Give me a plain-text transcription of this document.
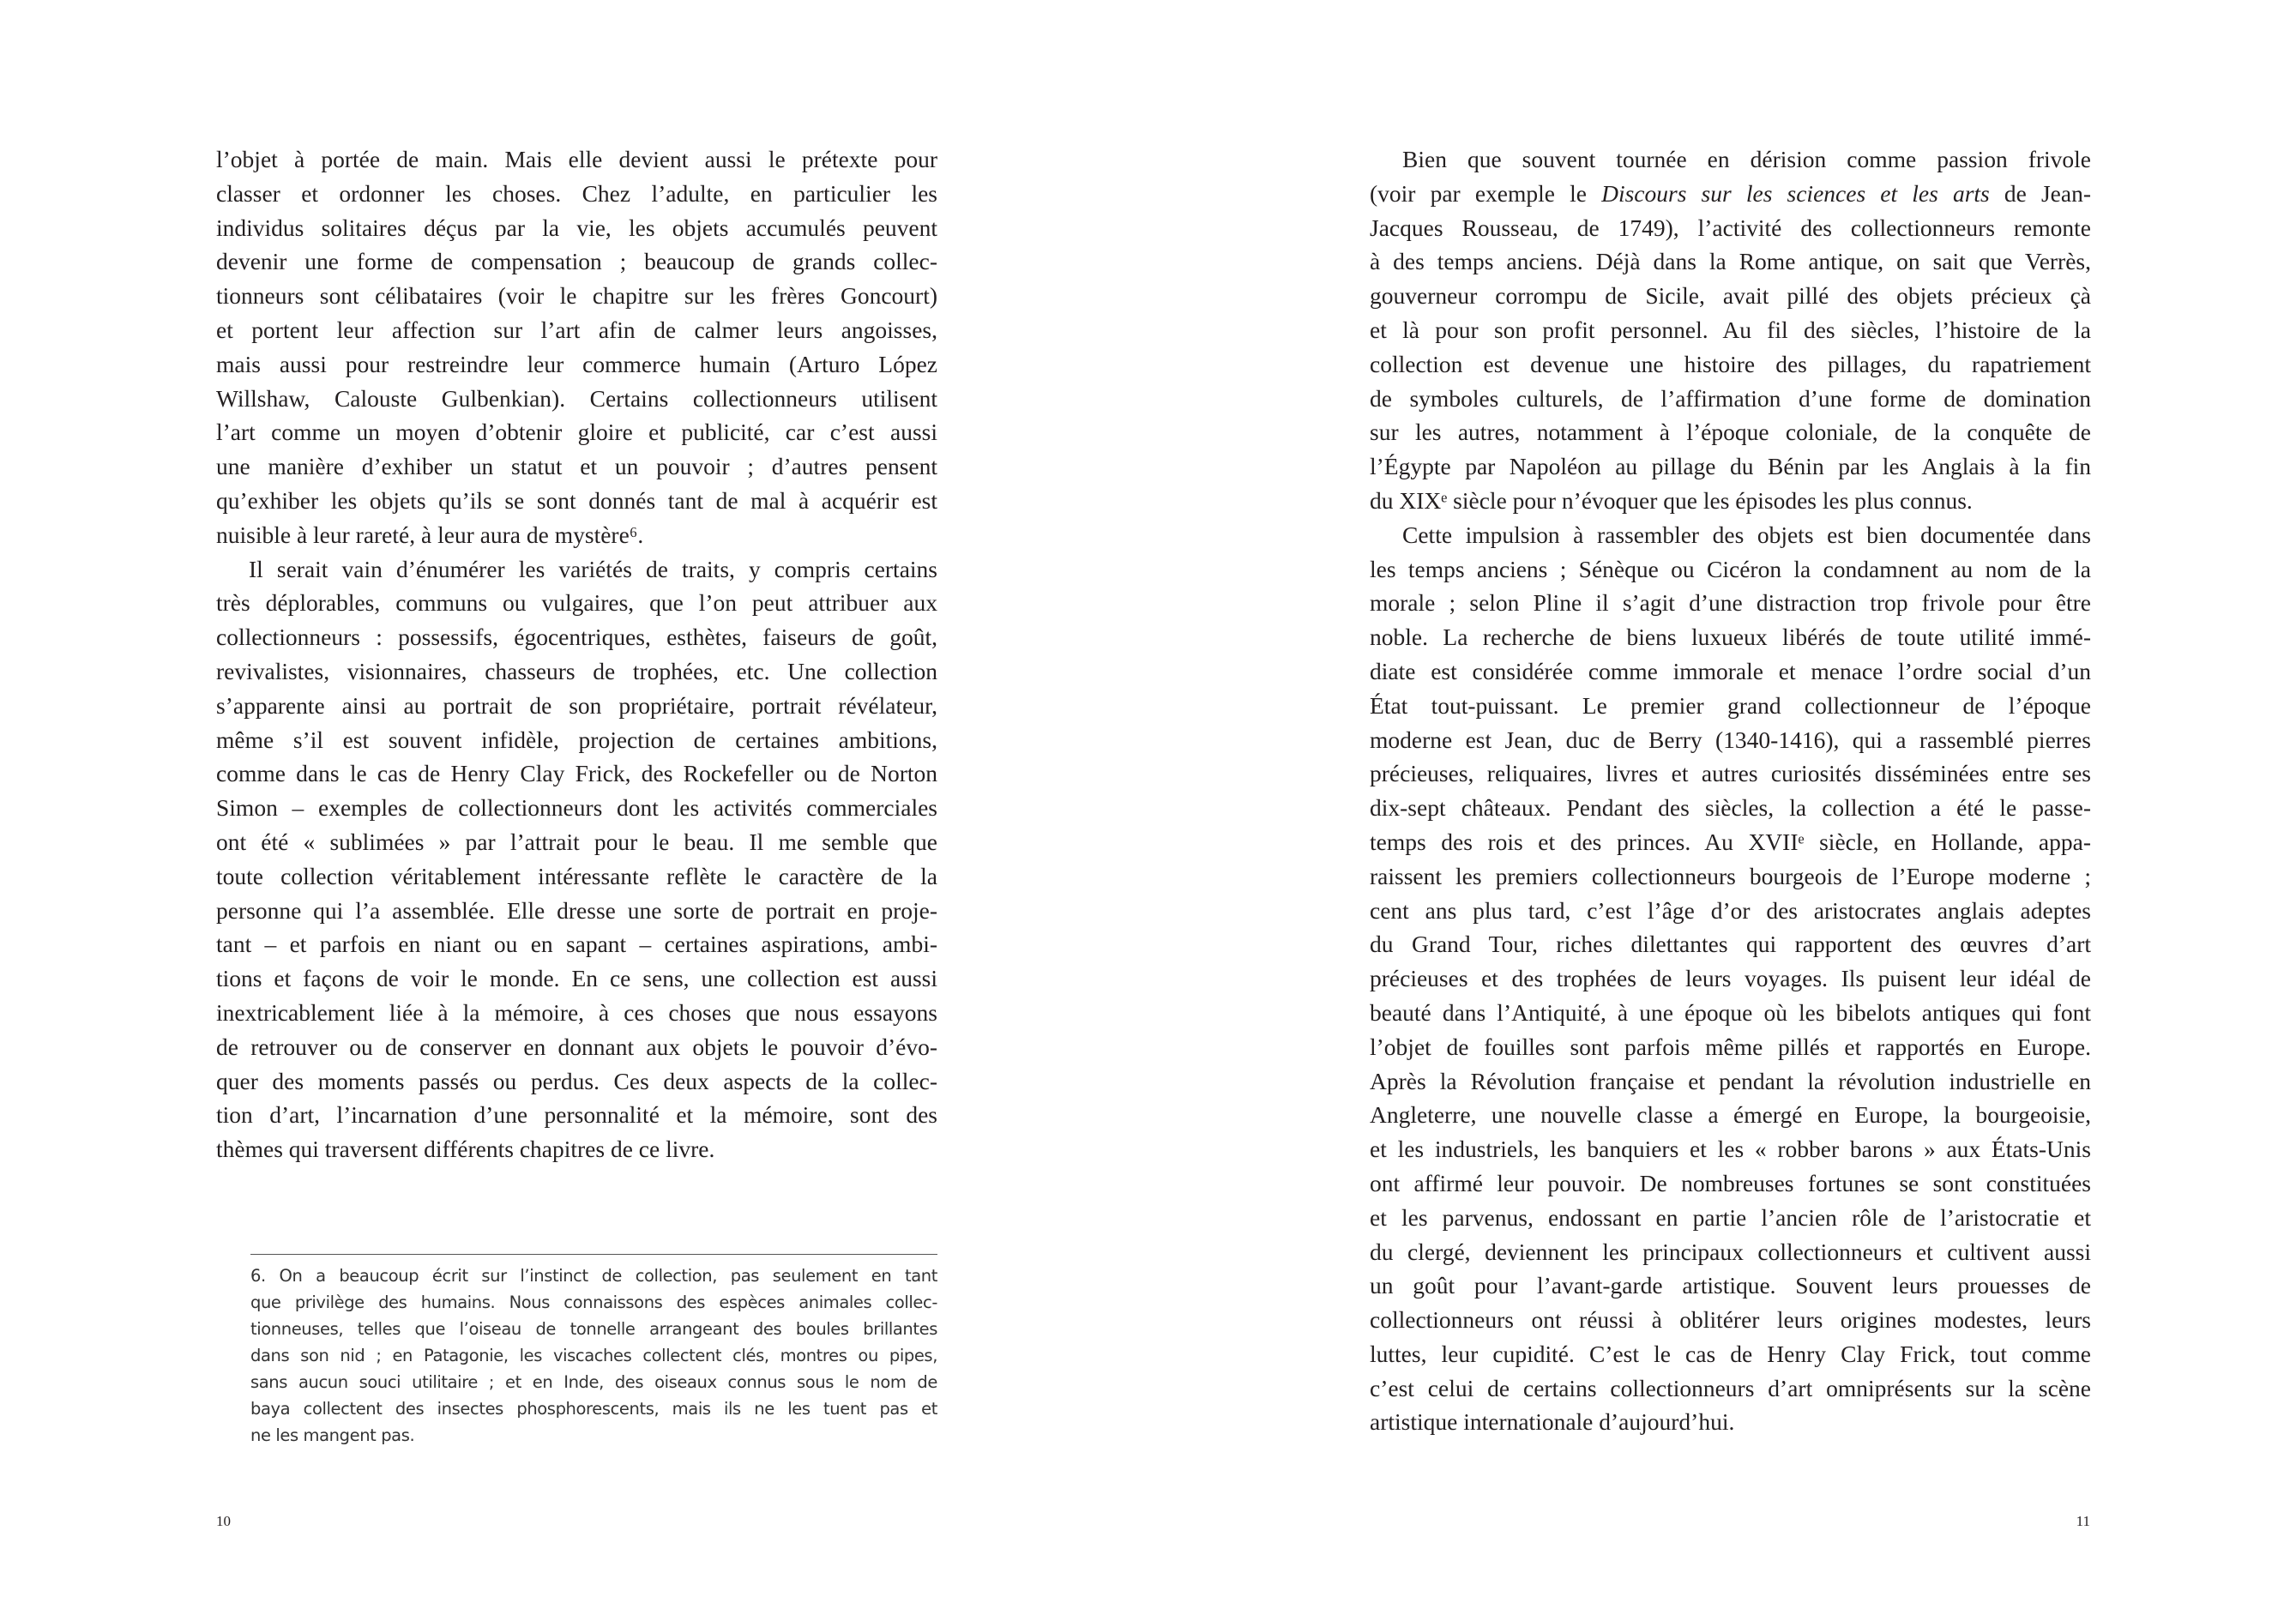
l’objet à portée de main. Mais elle devient aussi le prétexte pour
classer et ordonner les choses. Chez l’adulte, en particulier les
individus solitaires déçus par la vie, les objets accumulés peuvent
devenir une forme de compensation ; beaucoup de grands collec-
tionneurs sont célibataires (voir le chapitre sur les frères Goncourt)
et portent leur affection sur l’art afin de calmer leurs angoisses,
mais aussi pour restreindre leur commerce humain (Arturo López
Willshaw, Calouste Gulbenkian). Certains collectionneurs utilisent
l’art comme un moyen d’obtenir gloire et publicité, car c’est aussi
une manière d’exhiber un statut et un pouvoir ; d’autres pensent
qu’exhiber les objets qu’ils se sont donnés tant de mal à acquérir est
nuisible à leur rareté, à leur aura de mystère⁶.
Il serait vain d’énumérer les variétés de traits, y compris certains
très déplorables, communs ou vulgaires, que l’on peut attribuer aux
collectionneurs : possessifs, égocentriques, esthètes, faiseurs de goût,
revivalistes, visionnaires, chasseurs de trophées, etc. Une collection
s’apparente ainsi au portrait de son propriétaire, portrait révélateur,
même s’il est souvent infidèle, projection de certaines ambitions,
comme dans le cas de Henry Clay Frick, des Rockefeller ou de Norton
Simon – exemples de collectionneurs dont les activités commerciales
ont été « sublimées » par l’attrait pour le beau. Il me semble que
toute collection véritablement intéressante reflète le caractère de la
personne qui l’a assemblée. Elle dresse une sorte de portrait en proje-
tant – et parfois en niant ou en sapant – certaines aspirations, ambi-
tions et façons de voir le monde. En ce sens, une collection est aussi
inextricablement liée à la mémoire, à ces choses que nous essayons
de retrouver ou de conserver en donnant aux objets le pouvoir d’évo-
quer des moments passés ou perdus. Ces deux aspects de la collec-
tion d’art, l’incarnation d’une personnalité et la mémoire, sont des
thèmes qui traversent différents chapitres de ce livre.
6. On a beaucoup écrit sur l’instinct de collection, pas seulement en tant
que privilège des humains. Nous connaissons des espèces animales collec-
tionneuses, telles que l’oiseau de tonnelle arrangeant des boules brillantes
dans son nid ; en Patagonie, les viscaches collectent clés, montres ou pipes,
sans aucun souci utilitaire ; et en Inde, des oiseaux connus sous le nom de
baya collectent des insectes phosphorescents, mais ils ne les tuent pas et
ne les mangent pas.
10
Bien que souvent tournée en dérision comme passion frivole
(voir par exemple le Discours sur les sciences et les arts de Jean-
Jacques Rousseau, de 1749), l’activité des collectionneurs remonte
à des temps anciens. Déjà dans la Rome antique, on sait que Verrès,
gouverneur corrompu de Sicile, avait pillé des objets précieux çà
et là pour son profit personnel. Au fil des siècles, l’histoire de la
collection est devenue une histoire des pillages, du rapatriement
de symboles culturels, de l’affirmation d’une forme de domination
sur les autres, notamment à l’époque coloniale, de la conquête de
l’Égypte par Napoléon au pillage du Bénin par les Anglais à la fin
du XIXᵉ siècle pour n’évoquer que les épisodes les plus connus.
Cette impulsion à rassembler des objets est bien documentée dans
les temps anciens ; Sénèque ou Cicéron la condamnent au nom de la
morale ; selon Pline il s’agit d’une distraction trop frivole pour être
noble. La recherche de biens luxueux libérés de toute utilité immé-
diate est considérée comme immorale et menace l’ordre social d’un
État tout-puissant. Le premier grand collectionneur de l’époque
moderne est Jean, duc de Berry (1340-1416), qui a rassemblé pierres
précieuses, reliquaires, livres et autres curiosités disséminées entre ses
dix-sept châteaux. Pendant des siècles, la collection a été le passe-
temps des rois et des princes. Au XVIIᵉ siècle, en Hollande, appa-
raissent les premiers collectionneurs bourgeois de l’Europe moderne ;
cent ans plus tard, c’est l’âge d’or des aristocrates anglais adeptes
du Grand Tour, riches dilettantes qui rapportent des œuvres d’art
précieuses et des trophées de leurs voyages. Ils puisent leur idéal de
beauté dans l’Antiquité, à une époque où les bibelots antiques qui font
l’objet de fouilles sont parfois même pillés et rapportés en Europe.
Après la Révolution française et pendant la révolution industrielle en
Angleterre, une nouvelle classe a émergé en Europe, la bourgeoisie,
et les industriels, les banquiers et les « robber barons » aux États-Unis
ont affirmé leur pouvoir. De nombreuses fortunes se sont constituées
et les parvenus, endossant en partie l’ancien rôle de l’aristocratie et
du clergé, deviennent les principaux collectionneurs et cultivent aussi
un goût pour l’avant-garde artistique. Souvent leurs prouesses de
collectionneurs ont réussi à oblitérer leurs origines modestes, leurs
luttes, leur cupidité. C’est le cas de Henry Clay Frick, tout comme
c’est celui de certains collectionneurs d’art omniprésents sur la scène
artistique internationale d’aujourd’hui.
11
